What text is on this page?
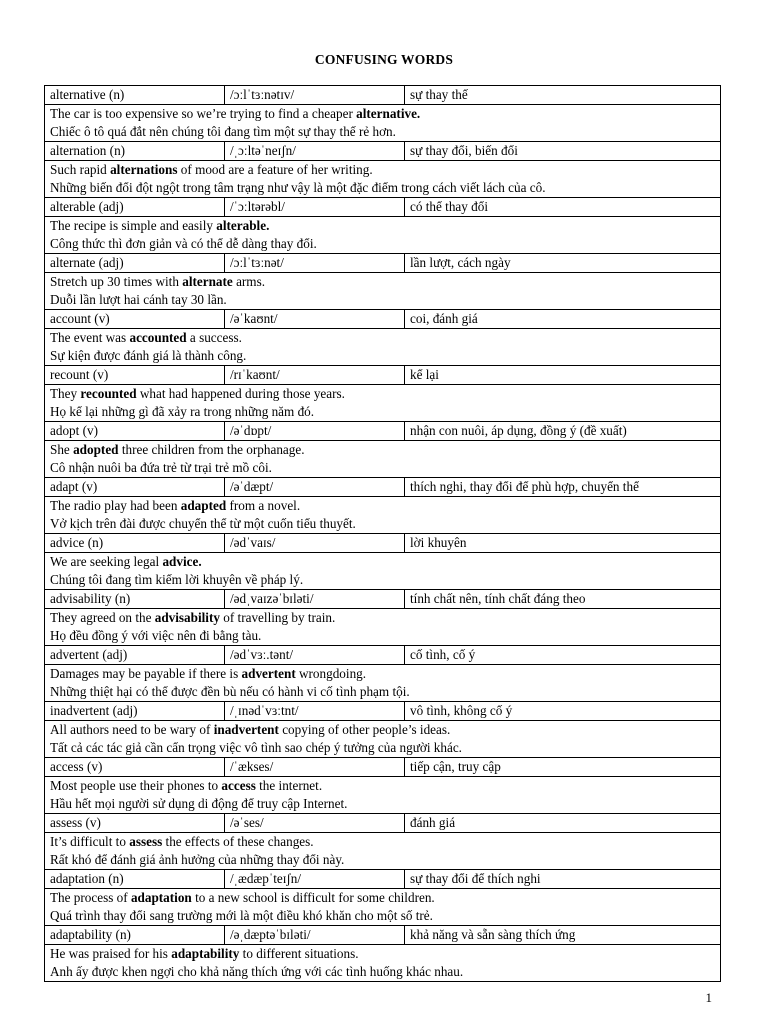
CONFUSING WORDS
alternative (n)	/ɔːlˈtɜːnətɪv/	sự thay thế

The car is too expensive so we’re trying to find a cheaper alternative.
Chiếc ô tô quá đắt nên chúng tôi đang tìm một sự thay thế rẻ hơn.		

alternation (n)	/ˌɔːltəˈneɪʃn/	sự thay đổi, biến đổi

Such rapid alternations of mood are a feature of her writing.
Những biến đổi đột ngột trong tâm trạng như vậy là một đặc điểm trong cách viết lách của cô.		

alterable (adj)	/ˈɔːltərəbl/	có thể thay đổi

The recipe is simple and easily alterable.
Công thức thì đơn giản và có thể dễ dàng thay đổi.		

alternate (adj)	/ɔːlˈtɜːnət/	lần lượt, cách ngày

Stretch up 30 times with alternate arms.
Duỗi lần lượt hai cánh tay 30 lần.		

account (v)	/əˈkaʊnt/	coi, đánh giá

The event was accounted a success.
Sự kiện được đánh giá là thành công.		

recount (v)	/rɪˈkaʊnt/	kể lại

They recounted what had happened during those years.
Họ kể lại những gì đã xảy ra trong những năm đó.		

adopt (v)	/əˈdɒpt/	nhận con nuôi, áp dụng, đồng ý (đề xuất)

She adopted three children from the orphanage.
Cô nhận nuôi ba đứa trẻ từ trại trẻ mồ côi.		

adapt (v)	/əˈdæpt/	thích nghi, thay đổi để phù hợp, chuyển thể

The radio play had been adapted from a novel.
Vở kịch trên đài được chuyển thể từ một cuốn tiểu thuyết.		

advice (n)	/ədˈvaɪs/	lời khuyên

We are seeking legal advice.
Chúng tôi đang tìm kiếm lời khuyên về pháp lý.		

advisability (n)	/ədˌvaɪzəˈbɪləti/	tính chất nên, tính chất đáng theo

They agreed on the advisability of travelling by train.
Họ đều đồng ý với việc nên đi bằng tàu.		

advertent (adj)	/ədˈvɜː.tənt/	cố tình, cố ý

Damages may be payable if there is advertent wrongdoing.
Những thiệt hại có thể được đền bù nếu có hành vi cố tình phạm tội.		

inadvertent (adj)	/ˌɪnədˈvɜːtnt/	vô tình, không cố ý

All authors need to be wary of inadvertent copying of other people’s ideas.
Tất cả các tác giả cần cẩn trọng việc vô tình sao chép ý tưởng của người khác.		

access (v)	/ˈækses/	tiếp cận, truy cập

Most people use their phones to access the internet.
Hầu hết mọi người sử dụng di động để truy cập Internet.		

assess (v)	/əˈses/	đánh giá

It’s difficult to assess the effects of these changes.
Rất khó để đánh giá ảnh hưởng của những thay đổi này.		

adaptation (n)	/ˌædæpˈteɪʃn/	sự thay đổi để thích nghi

The process of adaptation to a new school is difficult for some children.
Quá trình thay đổi sang trường mới là một điều khó khăn cho một số trẻ.		

adaptability (n)	/əˌdæptəˈbɪləti/	khả năng và sẵn sàng thích ứng

He was praised for his adaptability to different situations.
Anh ấy được khen ngợi cho khả năng thích ứng với các tình huống khác nhau.		
1
